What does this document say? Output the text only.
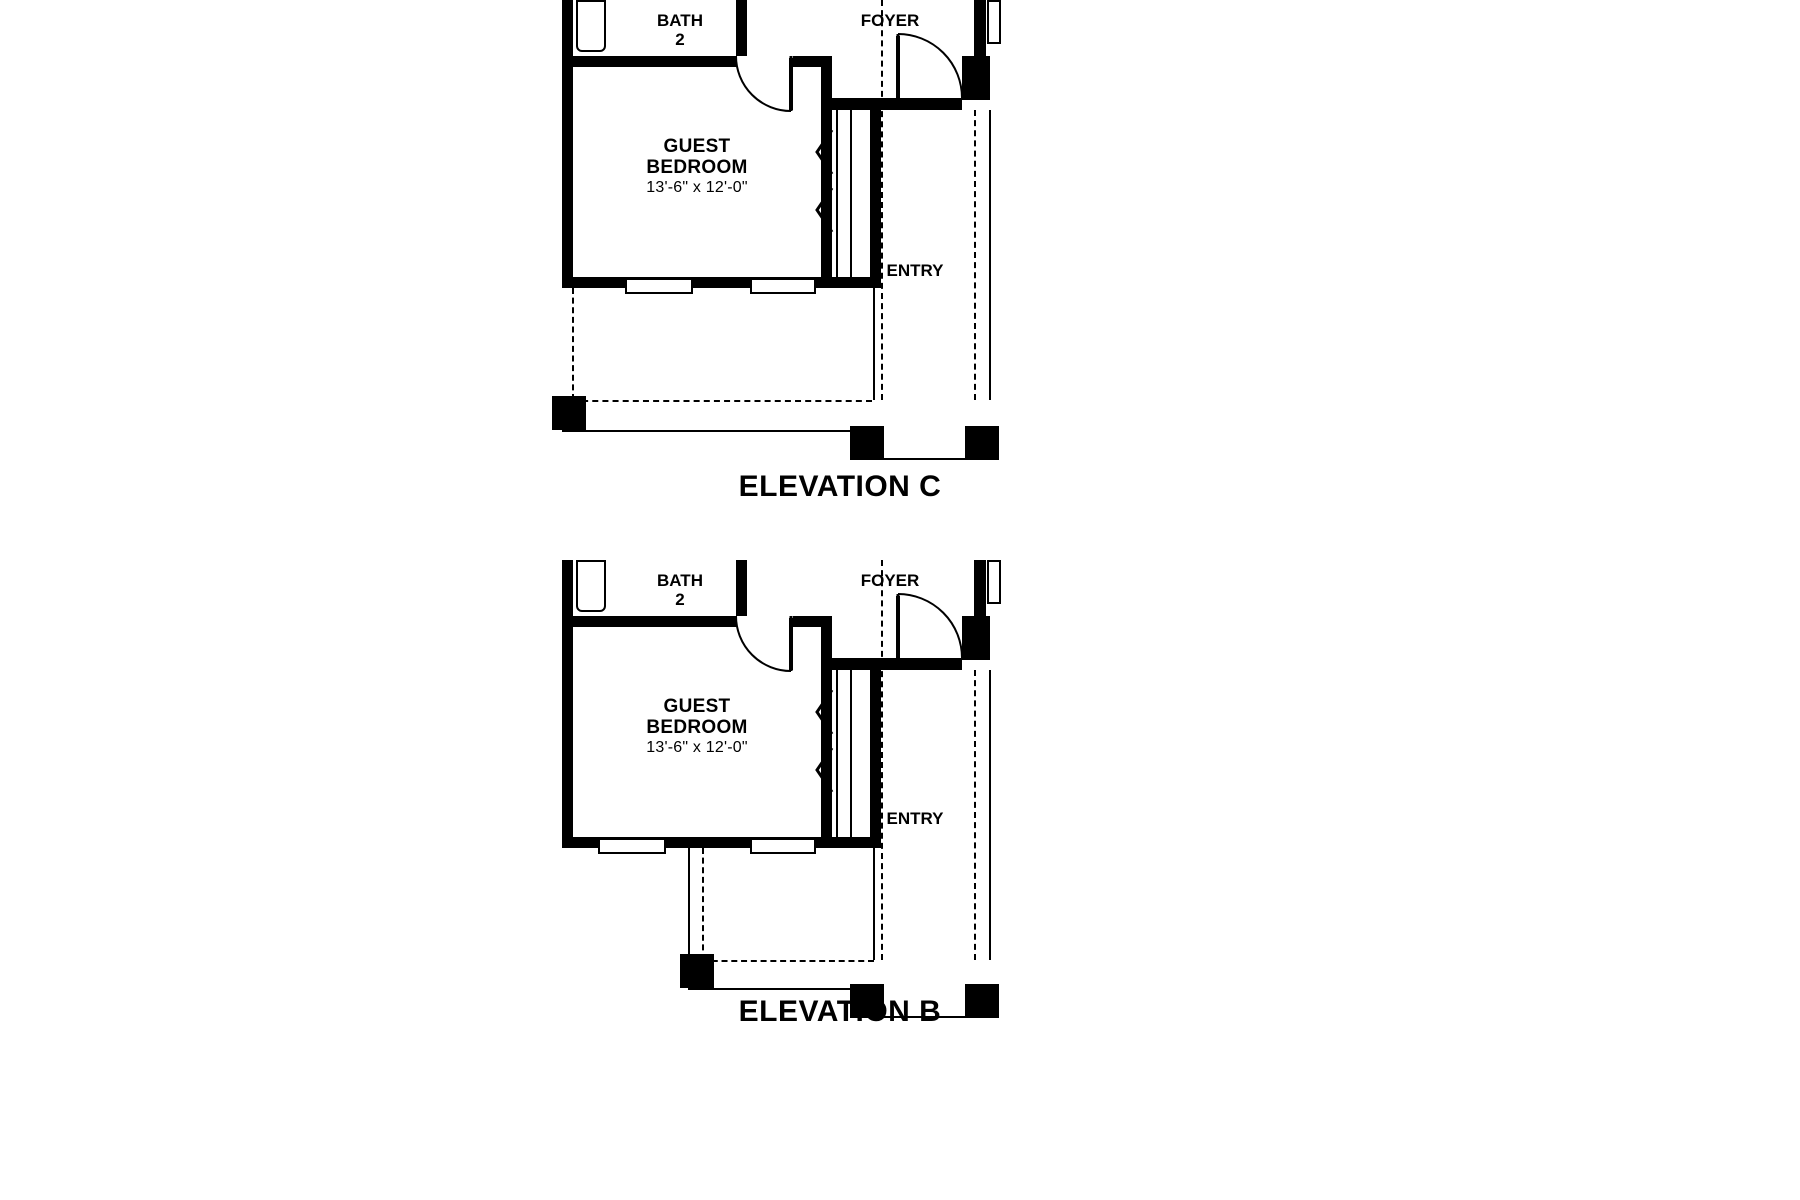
BATH
2
FOYER
ENTRY
GUEST
BEDROOM
13'-6" x 12'-0"
ELEVATION C
BATH
2
FOYER
ENTRY
GUEST
BEDROOM
13'-6" x 12'-0"
ELEVATION B
